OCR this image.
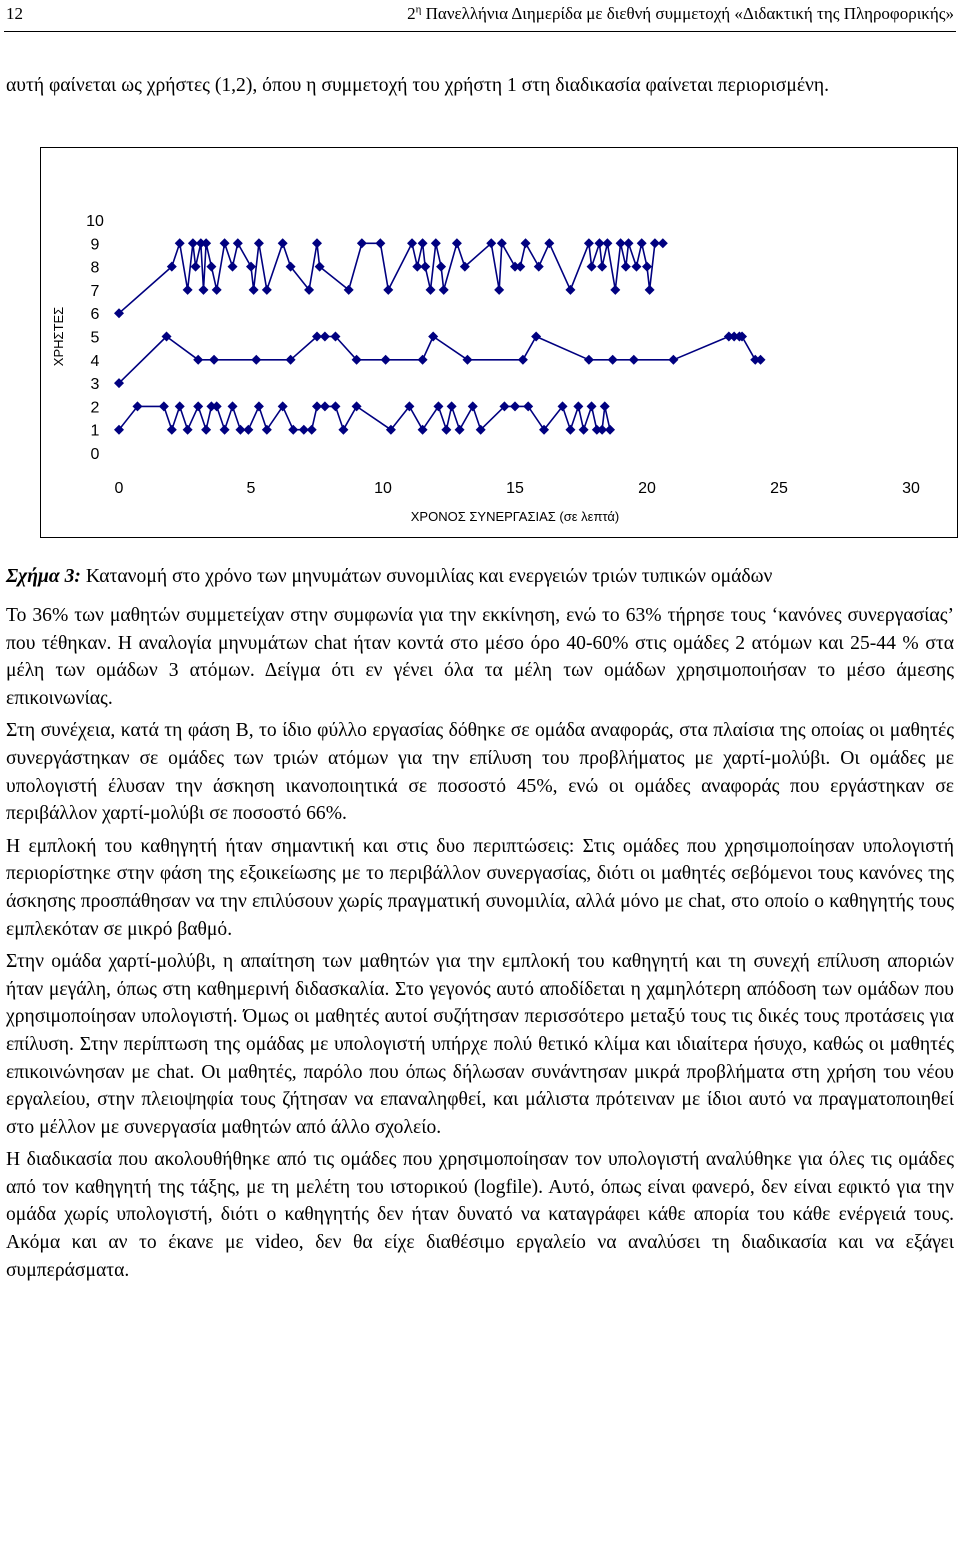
12	$2^\eta$ Πανελλήνια Διημερίδα με διεθνή συμμετοχή «Διδακτική της Πληροφορικής»

αυτή φαίνεται ως χρήστες (1,2), όπου η συμμετοχή του χρήστη 1 στη διαδικασία φαίνεται περιορισμένη.

0
1
2
3
4
5
6
7
8
9
10
0	5	10	15	20	25	30
ΧΡΗΣΤΕΣ
ΧΡΟΝΟΣ ΣΥΝΕΡΓΑΣΙΑΣ (σε λεπτά)
Σχήμα 3: Κατανομή στο χρόνο των μηνυμάτων συνομιλίας και ενεργειών τριών τυπικών ομάδων

Το 36% των μαθητών συμμετείχαν στην συμφωνία για την εκκίνηση, ενώ το 63% τήρησε τους ‘κανόνες συνεργασίας’ που τέθηκαν. Η αναλογία μηνυμάτων chat ήταν κοντά στο μέσο όρο 40-60% στις ομάδες 2 ατόμων και 25-44 % στα μέλη των ομάδων 3 ατόμων. Δείγμα ότι εν γένει όλα τα μέλη των ομάδων χρησιμοποιήσαν το μέσο άμεσης επικοινωνίας.

Στη συνέχεια, κατά τη φάση Β, το ίδιο φύλλο εργασίας δόθηκε σε ομάδα αναφοράς, στα πλαίσια της οποίας οι μαθητές συνεργάστηκαν σε ομάδες των τριών ατόμων για την επίλυση του προβλήματος με χαρτί-μολύβι. Οι ομάδες με υπολογιστή έλυσαν την άσκηση ικανοποιητικά σε ποσοστό 45%, ενώ οι ομάδες αναφοράς που εργάστηκαν σε περιβάλλον χαρτί-μολύβι σε ποσοστό 66%.

Η εμπλοκή του καθηγητή ήταν σημαντική και στις δυο περιπτώσεις: Στις ομάδες που χρησιμοποίησαν υπολογιστή περιορίστηκε στην φάση της εξοικείωσης με το περιβάλλον συνεργασίας, διότι οι μαθητές σεβόμενοι τους κανόνες της άσκησης προσπάθησαν να την επιλύσουν χωρίς πραγματική συνομιλία, αλλά μόνο με chat, στο οποίο ο καθηγητής τους εμπλεκόταν σε μικρό βαθμό.

Στην ομάδα χαρτί-μολύβι, η απαίτηση των μαθητών για την εμπλοκή του καθηγητή και τη συνεχή επίλυση αποριών ήταν μεγάλη, όπως στη καθημερινή διδασκαλία. Στο γεγονός αυτό αποδίδεται η χαμηλότερη απόδοση των ομάδων που χρησιμοποίησαν υπολογιστή. Όμως οι μαθητές αυτοί συζήτησαν περισσότερο μεταξύ τους τις δικές τους προτάσεις για επίλυση. Στην περίπτωση της ομάδας με υπολογιστή υπήρχε πολύ θετικό κλίμα και ιδιαίτερα ήσυχο, καθώς οι μαθητές επικοινώνησαν με chat. Οι μαθητές, παρόλο που όπως δήλωσαν συνάντησαν μικρά προβλήματα στη χρήση του νέου εργαλείου, στην πλειοψηφία τους ζήτησαν να επαναληφθεί, και μάλιστα πρότειναν με ίδιοι αυτό να πραγματοποιηθεί στο μέλλον με συνεργασία μαθητών από άλλο σχολείο.

Η διαδικασία που ακολουθήθηκε από τις ομάδες που χρησιμοποίησαν τον υπολογιστή αναλύθηκε για όλες τις ομάδες από τον καθηγητή της τάξης, με τη μελέτη του ιστορικού (logfile). Αυτό, όπως είναι φανερό, δεν είναι εφικτό για την ομάδα χωρίς υπολογιστή, διότι ο καθηγητής δεν ήταν δυνατό να καταγράφει κάθε απορία του κάθε ενέργειά τους. Ακόμα και αν το έκανε με video, δεν θα είχε διαθέσιμο εργαλείο να αναλύσει τη διαδικασία και να εξάγει συμπεράσματα.
